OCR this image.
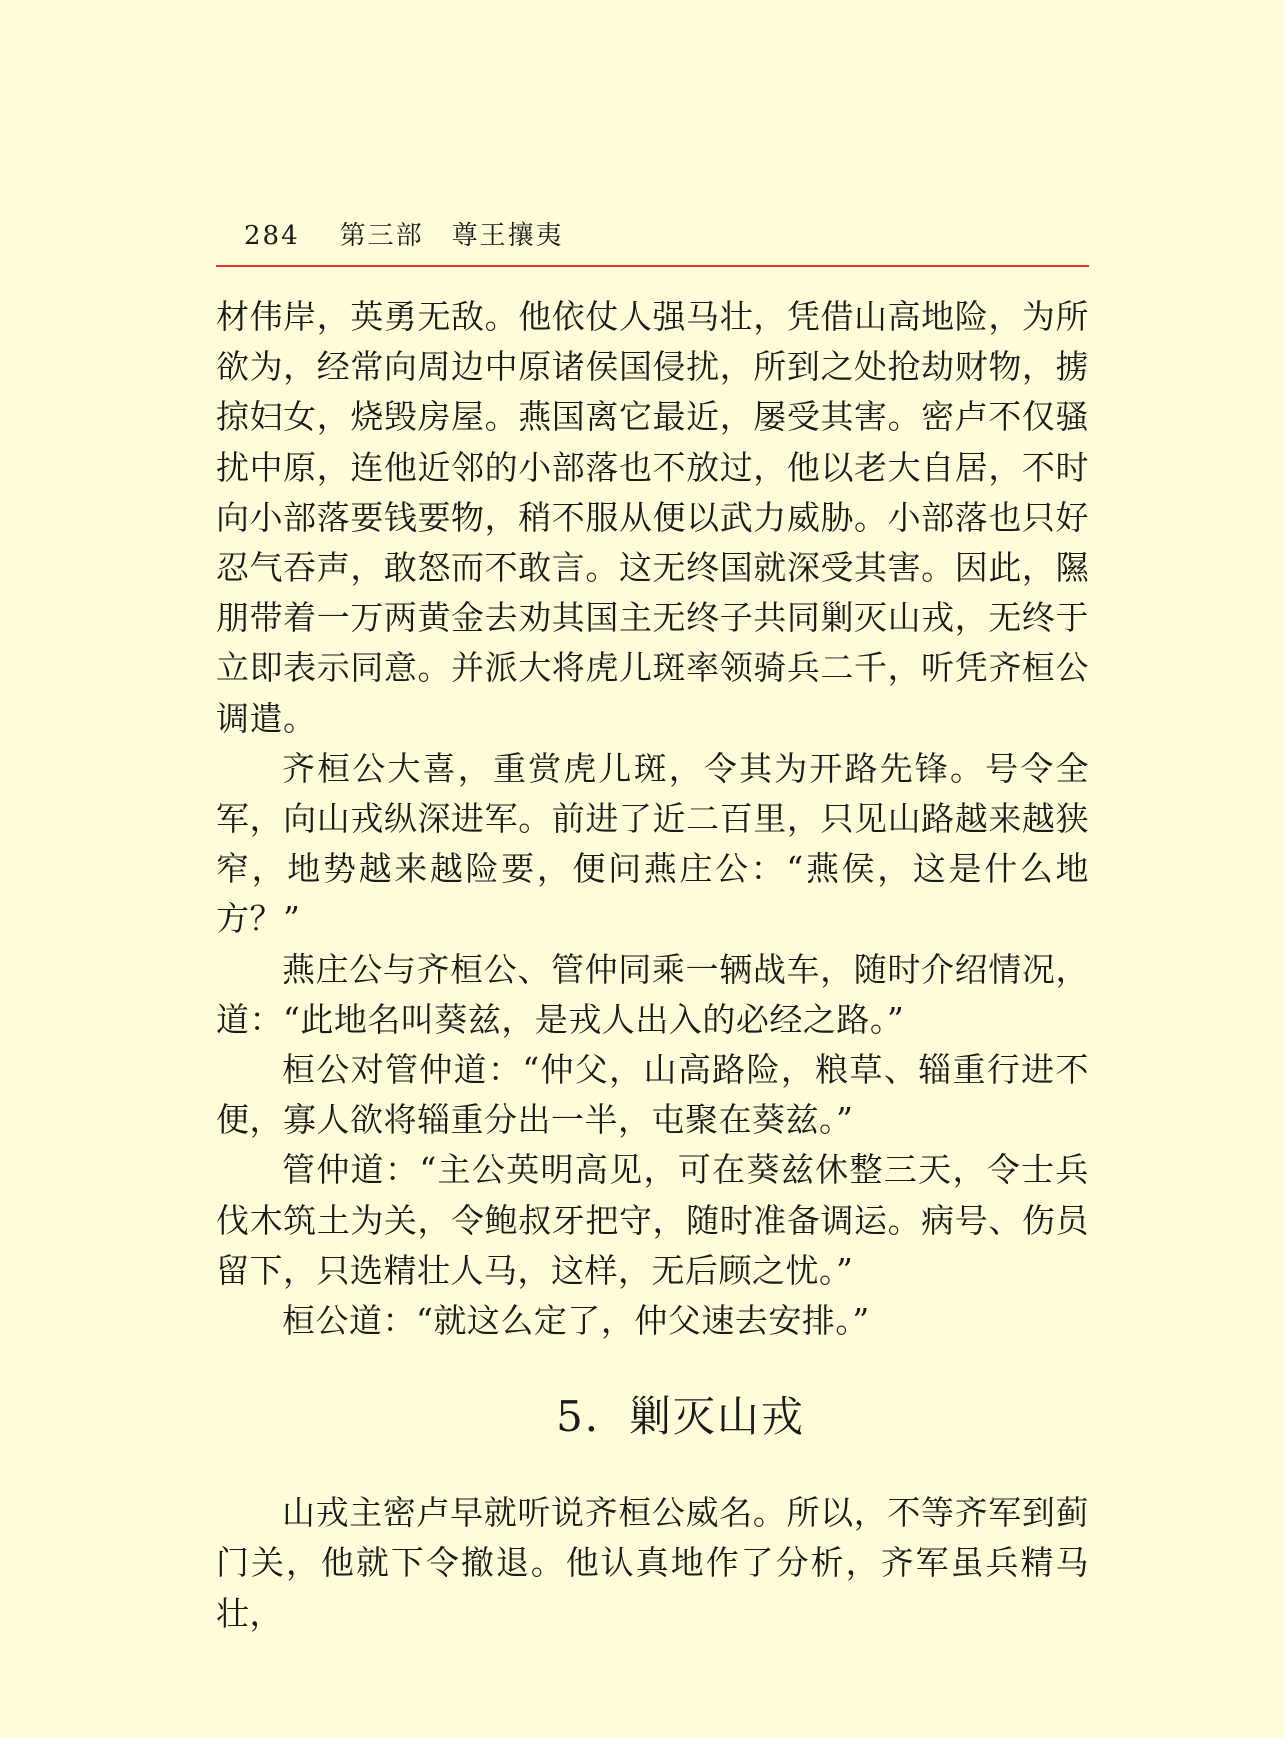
284 第三部 尊王攘夷

材伟岸，英勇无敌。他依仗人强马壮，凭借山高地险，为所欲为，经常向周边中原诸侯国侵扰，所到之处抢劫财物，掳掠妇女，烧毁房屋。燕国离它最近，屡受其害。密卢不仅骚扰中原，连他近邻的小部落也不放过，他以老大自居，不时向小部落要钱要物，稍不服从便以武力威胁。小部落也只好忍气吞声，敢怒而不敢言。这无终国就深受其害。因此，隰朋带着一万两黄金去劝其国主无终子共同剿灭山戎，无终于立即表示同意。并派大将虎儿斑率领骑兵二千，听凭齐桓公调遣。

齐桓公大喜，重赏虎儿斑，令其为开路先锋。号令全军，向山戎纵深进军。前进了近二百里，只见山路越来越狭窄，地势越来越险要，便问燕庄公：“燕侯，这是什么地方？”

燕庄公与齐桓公、管仲同乘一辆战车，随时介绍情况，道：“此地名叫葵兹，是戎人出入的必经之路。”

桓公对管仲道：“仲父，山高路险，粮草、辎重行进不便，寡人欲将辎重分出一半，屯聚在葵兹。”

管仲道：“主公英明高见，可在葵兹休整三天，令士兵伐木筑土为关，令鲍叔牙把守，随时准备调运。病号、伤员留下，只选精壮人马，这样，无后顾之忧。”

桓公道：“就这么定了，仲父速去安排。”

5．剿灭山戎

山戎主密卢早就听说齐桓公威名。所以，不等齐军到蓟门关，他就下令撤退。他认真地作了分析，齐军虽兵精马壮，
